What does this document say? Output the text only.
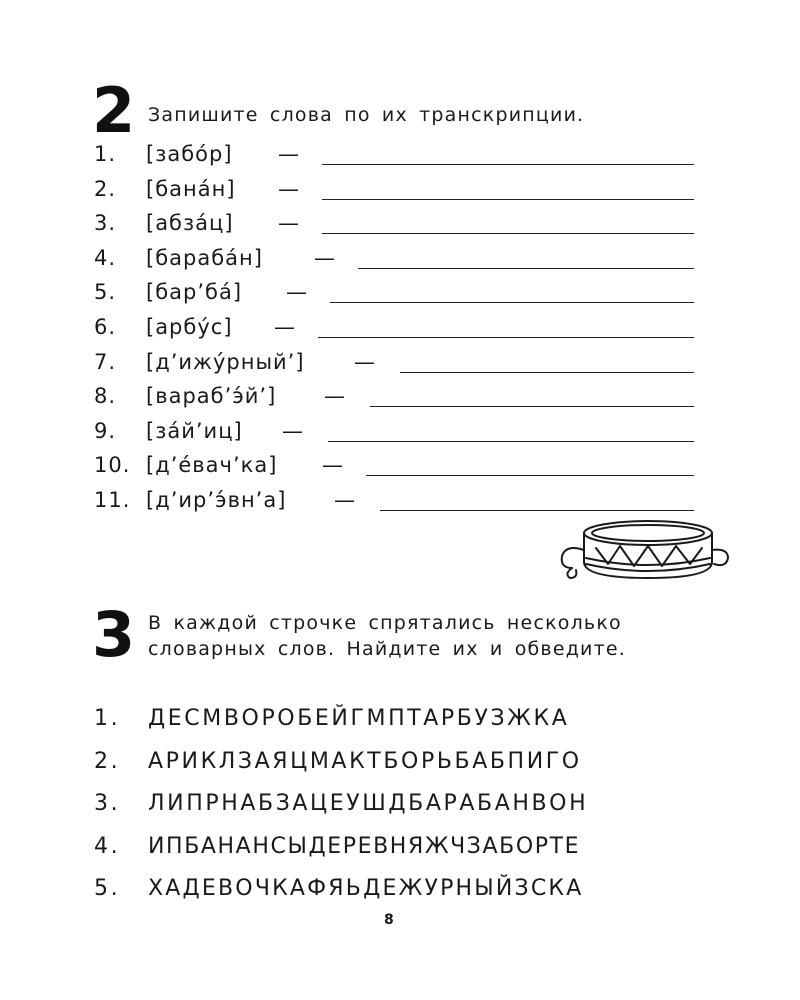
2 Запишите слова по их транскрипции.
1. [забо́р] —
2. [бана́н] —
3. [абза́ц] —
4. [бараба́н] —
5. [бар’ба́] —
6. [арбу́с] —
7. [д’ижу́рный’] —
8. [вараб’э́й’] —
9. [за́й’иц] —
10. [д’е́вач’ка] —
11. [д’ир’э́вн’а] —
3 В каждой строчке спрятались несколько словарных слов. Найдите их и обведите.
1. ДЕСМВОРОБЕЙГМПТАРБУЗЖКА
2. АРИКЛЗАЯЦМАКТБОРЬБАБПИГО
3. ЛИПРНАБЗАЦЕУШДБАРАБАНВОН
4. ИПБАНАНСЫДЕРЕВНЯЖЧЗАБОРТЕ
5. ХАДЕВОЧКАФЯЬДЕЖУРНЫЙЗСКА
8
